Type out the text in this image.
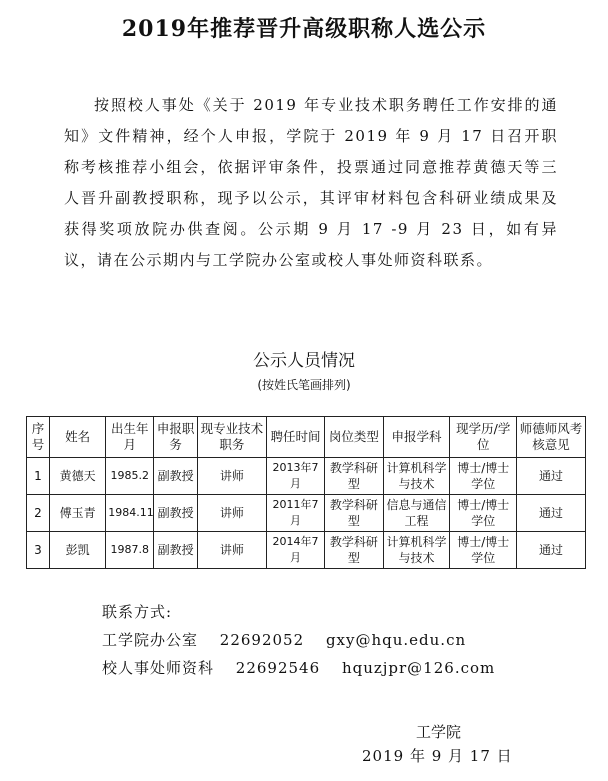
2019年推荐晋升高级职称人选公示
按照校人事处《关于 2019 年专业技术职务聘任工作安排的通知》文件精神，经个人申报，学院于 2019 年 9 月 17 日召开职称考核推荐小组会，依据评审条件，投票通过同意推荐黄德天等三人晋升副教授职称，现予以公示，其评审材料包含科研业绩成果及获得奖项放院办供查阅。公示期 9 月 17 -9 月 23 日，如有异议，请在公示期内与工学院办公室或校人事处师资科联系。
公示人员情况
(按姓氏笔画排列)
序号	姓名	出生年月	申报职务	现专业技术职务	聘任时间	岗位类型	申报学科	现学历/学位	师德师风考核意见
1	黄德天	1985.2	副教授	讲师	2013年7月	教学科研型	计算机科学与技术	博士/博士学位	通过
2	傅玉青	1984.11	副教授	讲师	2011年7月	教学科研型	信息与通信工程	博士/博士学位	通过
3	彭凯	1987.8	副教授	讲师	2014年7月	教学科研型	计算机科学与技术	博士/博士学位	通过
联系方式:
工学院办公室 22692052 gxy@hqu.edu.cn
校人事处师资科 22692546 hquzjpr@126.com
工学院
2019 年 9 月 17 日
